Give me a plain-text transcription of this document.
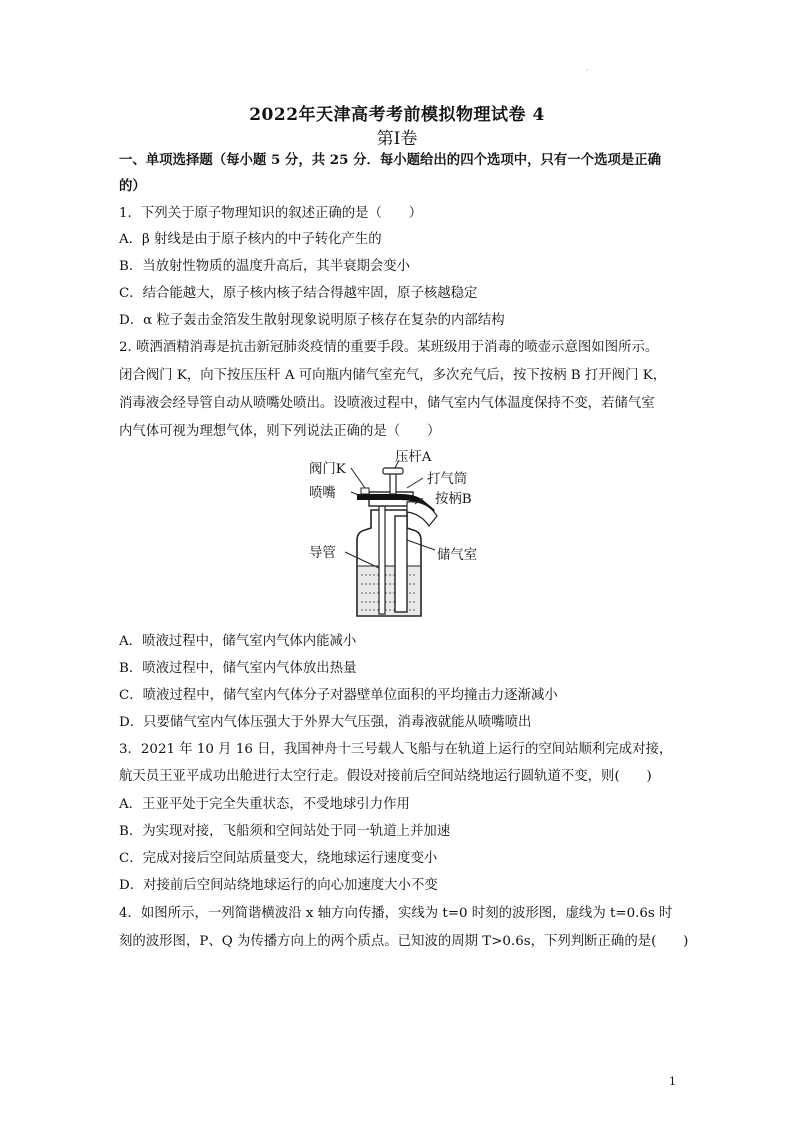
·
2022年天津高考考前模拟物理试卷 4
第Ⅰ卷
一、单项选择题（每小题 5 分，共 25 分．每小题给出的四个选项中，只有一个选项是正确
的）
1．下列关于原子物理知识的叙述正确的是（　　）
A．β 射线是由于原子核内的中子转化产生的
B．当放射性物质的温度升高后，其半衰期会变小
C．结合能越大，原子核内核子结合得越牢固，原子核越稳定
D．α 粒子轰击金箔发生散射现象说明原子核存在复杂的内部结构
2. 喷洒酒精消毒是抗击新冠肺炎疫情的重要手段。某班级用于消毒的喷壶示意图如图所示。
闭合阀门 K，向下按压压杆 A 可向瓶内储气室充气，多次充气后，按下按柄 B 打开阀门 K，
消毒液会经导管自动从喷嘴处喷出。设喷液过程中，储气室内气体温度保持不变，若储气室
内气体可视为理想气体，则下列说法正确的是（　　）
阀门K
压杆A
打气筒
喷嘴	按柄B
导管	储气室
A．喷液过程中，储气室内气体内能减小
B．喷液过程中，储气室内气体放出热量
C．喷液过程中，储气室内气体分子对器壁单位面积的平均撞击力逐渐减小
D．只要储气室内气体压强大于外界大气压强，消毒液就能从喷嘴喷出
3．2021 年 10 月 16 日，我国神舟十三号载人飞船与在轨道上运行的空间站顺利完成对接，
航天员王亚平成功出舱进行太空行走。假设对接前后空间站绕地运行圆轨道不变，则(　　)
A．王亚平处于完全失重状态，不受地球引力作用
B．为实现对接，飞船须和空间站处于同一轨道上并加速
C．完成对接后空间站质量变大，绕地球运行速度变小
D．对接前后空间站绕地球运行的向心加速度大小不变
4．如图所示，一列简谐横波沿 x 轴方向传播，实线为 t=0 时刻的波形图，虚线为 t=0.6s 时
刻的波形图，P、Q 为传播方向上的两个质点。已知波的周期 T>0.6s，下列判断正确的是(　　)
1
